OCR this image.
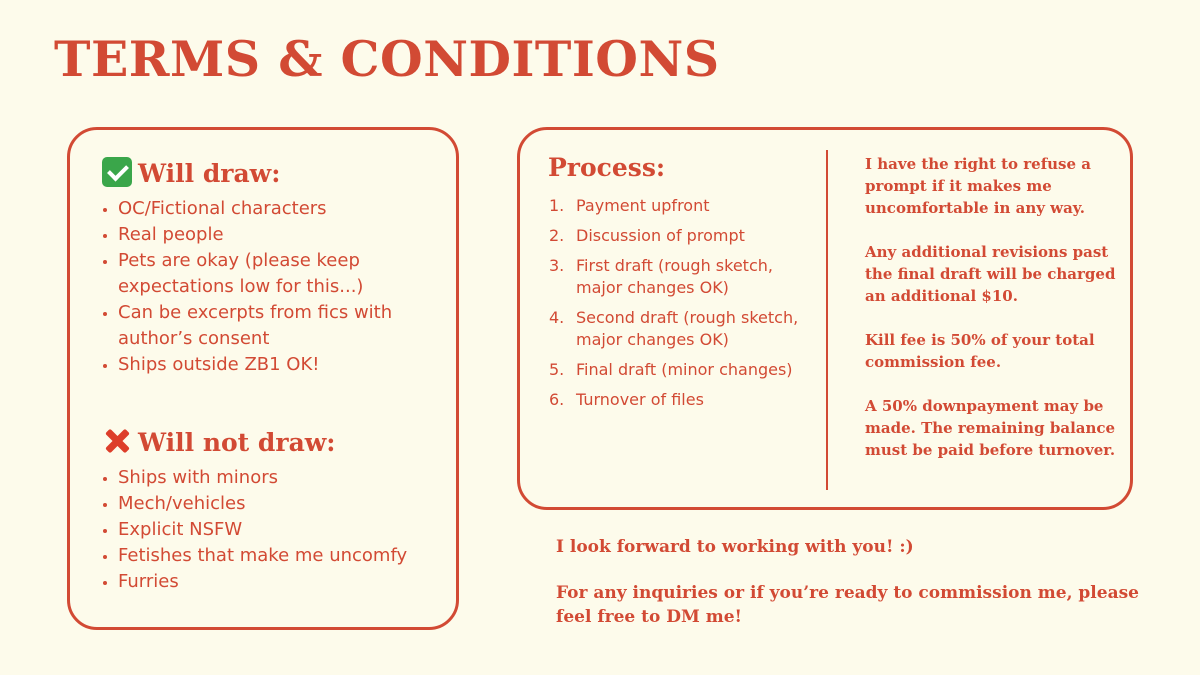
TERMS & CONDITIONS
Will draw:
OC/Fictional characters
Real people
Pets are okay (please keep expectations low for this...)
Can be excerpts from fics with author’s consent
Ships outside ZB1 OK!
Will not draw:
Ships with minors
Mech/vehicles
Explicit NSFW
Fetishes that make me uncomfy
Furries
Process:
1. Payment upfront
2. Discussion of prompt
3. First draft (rough sketch, major changes OK)
4. Second draft (rough sketch, major changes OK)
5. Final draft (minor changes)
6. Turnover of files

I have the right to refuse a prompt if it makes me uncomfortable in any way.

Any additional revisions past the final draft will be charged an additional $10.

Kill fee is 50% of your total commission fee.

A 50% downpayment may be made. The remaining balance must be paid before turnover.

I look forward to working with you! :)

For any inquiries or if you’re ready to commission me, please feel free to DM me!
